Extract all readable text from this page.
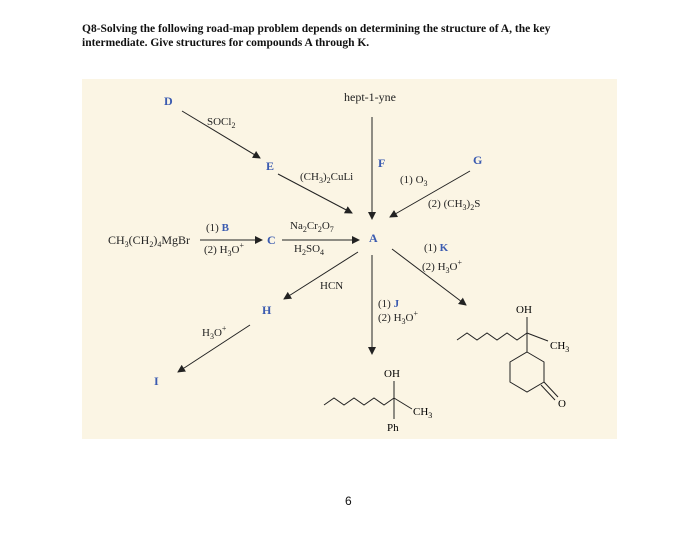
Q8-Solving the following road-map problem depends on determining the structure of A, the key
intermediate. Give structures for compounds A through K.
D
SOCl$_2$
E
hept-1-yne
F
$(CH_3)_2CuLi$
G
(1) $O_3$
(2) $(CH_3)_2S$
$CH_3(CH_2)_4MgBr$
(1) B
(2) $H_3O^+$ C
$Na_2Cr_2O_7$
$H_2SO_4$
A
(1) K
(2) $H_3O^+$
HCN
H
$H_3O^+$
I
(1) J
(2) $H_3O^+$
OH
$CH_3$
Ph
OH
$CH_3$
O
6
